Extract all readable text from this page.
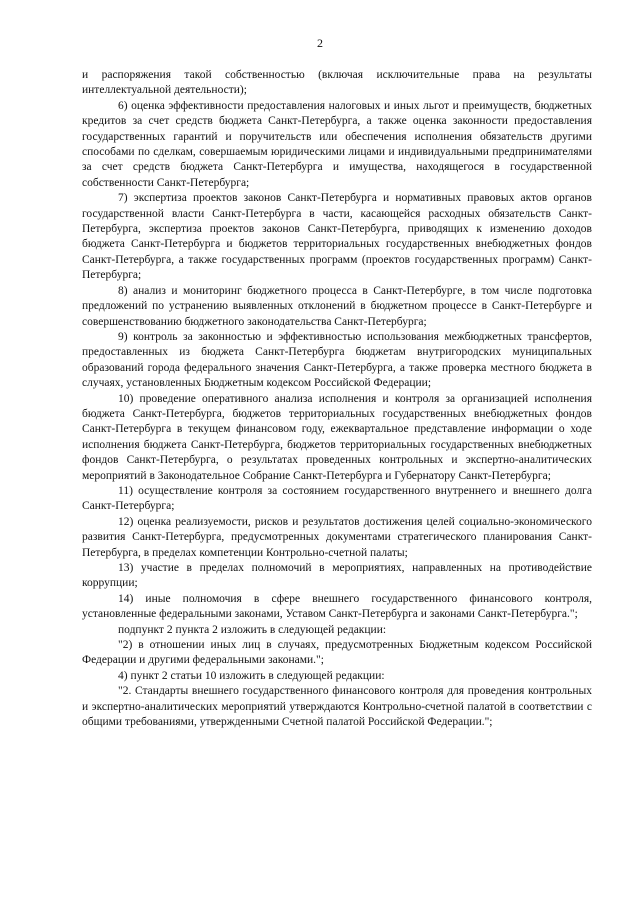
2

и распоряжения такой собственностью (включая исключительные права на результаты интеллектуальной деятельности);

6) оценка эффективности предоставления налоговых и иных льгот и преимуществ, бюджетных кредитов за счет средств бюджета Санкт-Петербурга, а также оценка законности предоставления государственных гарантий и поручительств или обеспечения исполнения обязательств другими способами по сделкам, совершаемым юридическими лицами и индивидуальными предпринимателями за счет средств бюджета Санкт-Петербурга и имущества, находящегося в государственной собственности Санкт-Петербурга;

7) экспертиза проектов законов Санкт-Петербурга и нормативных правовых актов органов государственной власти Санкт-Петербурга в части, касающейся расходных обязательств Санкт-Петербурга, экспертиза проектов законов Санкт-Петербурга, приводящих к изменению доходов бюджета Санкт-Петербурга и бюджетов территориальных государственных внебюджетных фондов Санкт-Петербурга, а также государственных программ (проектов государственных программ) Санкт-Петербурга;

8) анализ и мониторинг бюджетного процесса в Санкт-Петербурге, в том числе подготовка предложений по устранению выявленных отклонений в бюджетном процессе в Санкт-Петербурге и совершенствованию бюджетного законодательства Санкт-Петербурга;

9) контроль за законностью и эффективностью использования межбюджетных трансфертов, предоставленных из бюджета Санкт-Петербурга бюджетам внутригородских муниципальных образований города федерального значения Санкт-Петербурга, а также проверка местного бюджета в случаях, установленных Бюджетным кодексом Российской Федерации;

10) проведение оперативного анализа исполнения и контроля за организацией исполнения бюджета Санкт-Петербурга, бюджетов территориальных государственных внебюджетных фондов Санкт-Петербурга в текущем финансовом году, ежеквартальное представление информации о ходе исполнения бюджета Санкт-Петербурга, бюджетов территориальных государственных внебюджетных фондов Санкт-Петербурга, о результатах проведенных контрольных и экспертно-аналитических мероприятий в Законодательное Собрание Санкт-Петербурга и Губернатору Санкт-Петербурга;

11) осуществление контроля за состоянием государственного внутреннего и внешнего долга Санкт-Петербурга;

12) оценка реализуемости, рисков и результатов достижения целей социально-экономического развития Санкт-Петербурга, предусмотренных документами стратегического планирования Санкт-Петербурга, в пределах компетенции Контрольно-счетной палаты;

13) участие в пределах полномочий в мероприятиях, направленных на противодействие коррупции;

14) иные полномочия в сфере внешнего государственного финансового контроля, установленные федеральными законами, Уставом Санкт-Петербурга и законами Санкт-Петербурга.";

подпункт 2 пункта 2 изложить в следующей редакции:

"2) в отношении иных лиц в случаях, предусмотренных Бюджетным кодексом Российской Федерации и другими федеральными законами.";

4) пункт 2 статьи 10 изложить в следующей редакции:

"2. Стандарты внешнего государственного финансового контроля для проведения контрольных и экспертно-аналитических мероприятий утверждаются Контрольно-счетной палатой в соответствии с общими требованиями, утвержденными Счетной палатой Российской Федерации.";
